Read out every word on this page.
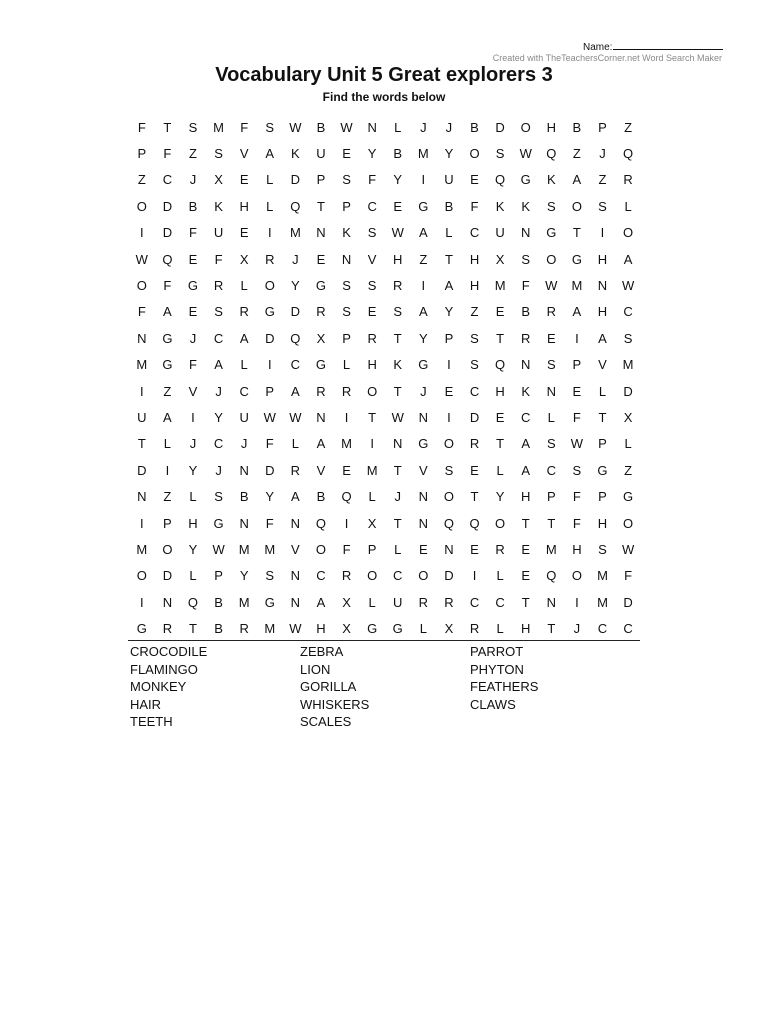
Name:
Created with TheTeachersCorner.net Word Search Maker
Vocabulary Unit 5 Great explorers 3
Find the words below
F	T	S	M	F	S	W	B	W	N	L	J	J	B	D	O	H	B	P	Z
P	F	Z	S	V	A	K	U	E	Y	B	M	Y	O	S	W	Q	Z	J	Q
Z	C	J	X	E	L	D	P	S	F	Y	I	U	E	Q	G	K	A	Z	R
O	D	B	K	H	L	Q	T	P	C	E	G	B	F	K	K	S	O	S	L
I	D	F	U	E	I	M	N	K	S	W	A	L	C	U	N	G	T	I	O
W	Q	E	F	X	R	J	E	N	V	H	Z	T	H	X	S	O	G	H	A
O	F	G	R	L	O	Y	G	S	S	R	I	A	H	M	F	W	M	N	W
F	A	E	S	R	G	D	R	S	E	S	A	Y	Z	E	B	R	A	H	C
N	G	J	C	A	D	Q	X	P	R	T	Y	P	S	T	R	E	I	A	S
M	G	F	A	L	I	C	G	L	H	K	G	I	S	Q	N	S	P	V	M
I	Z	V	J	C	P	A	R	R	O	T	J	E	C	H	K	N	E	L	D
U	A	I	Y	U	W	W	N	I	T	W	N	I	D	E	C	L	F	T	X
T	L	J	C	J	F	L	A	M	I	N	G	O	R	T	A	S	W	P	L
D	I	Y	J	N	D	R	V	E	M	T	V	S	E	L	A	C	S	G	Z
N	Z	L	S	B	Y	A	B	Q	L	J	N	O	T	Y	H	P	F	P	G
I	P	H	G	N	F	N	Q	I	X	T	N	Q	Q	O	T	T	F	H	O
M	O	Y	W	M	M	V	O	F	P	L	E	N	E	R	E	M	H	S	W
O	D	L	P	Y	S	N	C	R	O	C	O	D	I	L	E	Q	O	M	F
I	N	Q	B	M	G	N	A	X	L	U	R	R	C	C	T	N	I	M	D
G	R	T	B	R	M	W	H	X	G	G	L	X	R	L	H	T	J	C	C
CROCODILE
FLAMINGO
MONKEY
HAIR
TEETH
ZEBRA
LION
GORILLA
WHISKERS
SCALES
PARROT
PHYTON
FEATHERS
CLAWS
